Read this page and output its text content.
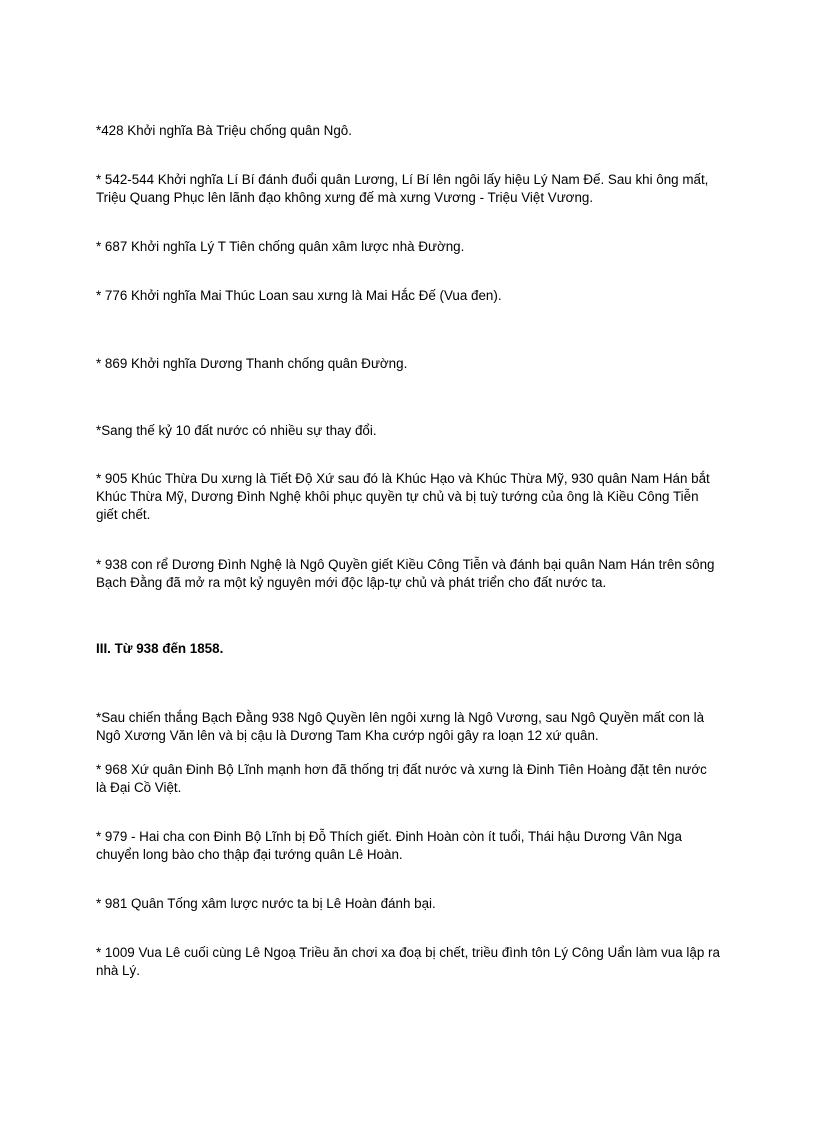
*428 Khởi nghĩa Bà Triệu chống quân Ngô.

* 542-544 Khởi nghĩa Lí Bí đánh đuổi quân Lương, Lí Bí lên ngôi lấy hiệu Lý Nam Đế. Sau khi ông mất, Triệu Quang Phục lên lãnh đạo không xưng đế mà xưng Vương - Triệu Việt Vương.

* 687 Khởi nghĩa Lý T Tiên chống quân xâm lược nhà Đường.

* 776 Khởi nghĩa Mai Thúc Loan sau xưng là Mai Hắc Đế (Vua đen).

* 869 Khởi nghĩa Dương Thanh chống quân Đường.

*Sang thế kỷ 10 đất nước có nhiều sự thay đổi.

* 905 Khúc Thừa Du xưng là Tiết Độ Xứ sau đó là Khúc Hạo và Khúc Thừa Mỹ, 930 quân Nam Hán bắt Khúc Thừa Mỹ, Dương Đình Nghệ khôi phục quyền tự chủ và bị tuỳ tướng của ông là Kiều Công Tiễn giết chết.

* 938 con rể Dương Đình Nghệ là Ngô Quyền giết Kiều Công Tiễn và đánh bại quân Nam Hán trên sông Bạch Đằng đã mở ra một kỷ nguyên mới độc lập-tự chủ và phát triển cho đất nước ta.

III. Từ 938 đến 1858.

*Sau chiến thắng Bạch Đằng 938 Ngô Quyền lên ngôi xưng là Ngô Vương, sau Ngô Quyền mất con là Ngô Xương Văn lên và bị cậu là Dương Tam Kha cướp ngôi gây ra loạn 12 xứ quân.

* 968 Xứ quân Đinh Bộ Lĩnh mạnh hơn đã thống trị đất nước và xưng là Đinh Tiên Hoàng đặt tên nước là Đại Cồ Việt.

* 979 - Hai cha con Đinh Bộ Lĩnh bị Đỗ Thích giết. Đinh Hoàn còn ít tuổi, Thái hậu Dương Vân Nga chuyển long bào cho thập đại tướng quân Lê Hoàn.

* 981 Quân Tống xâm lược nước ta bị Lê Hoàn đánh bại.

* 1009 Vua Lê cuối cùng Lê Ngoạ Triều ăn chơi xa đoạ bị chết, triều đình tôn Lý Công Uẩn làm vua lập ra nhà Lý.
